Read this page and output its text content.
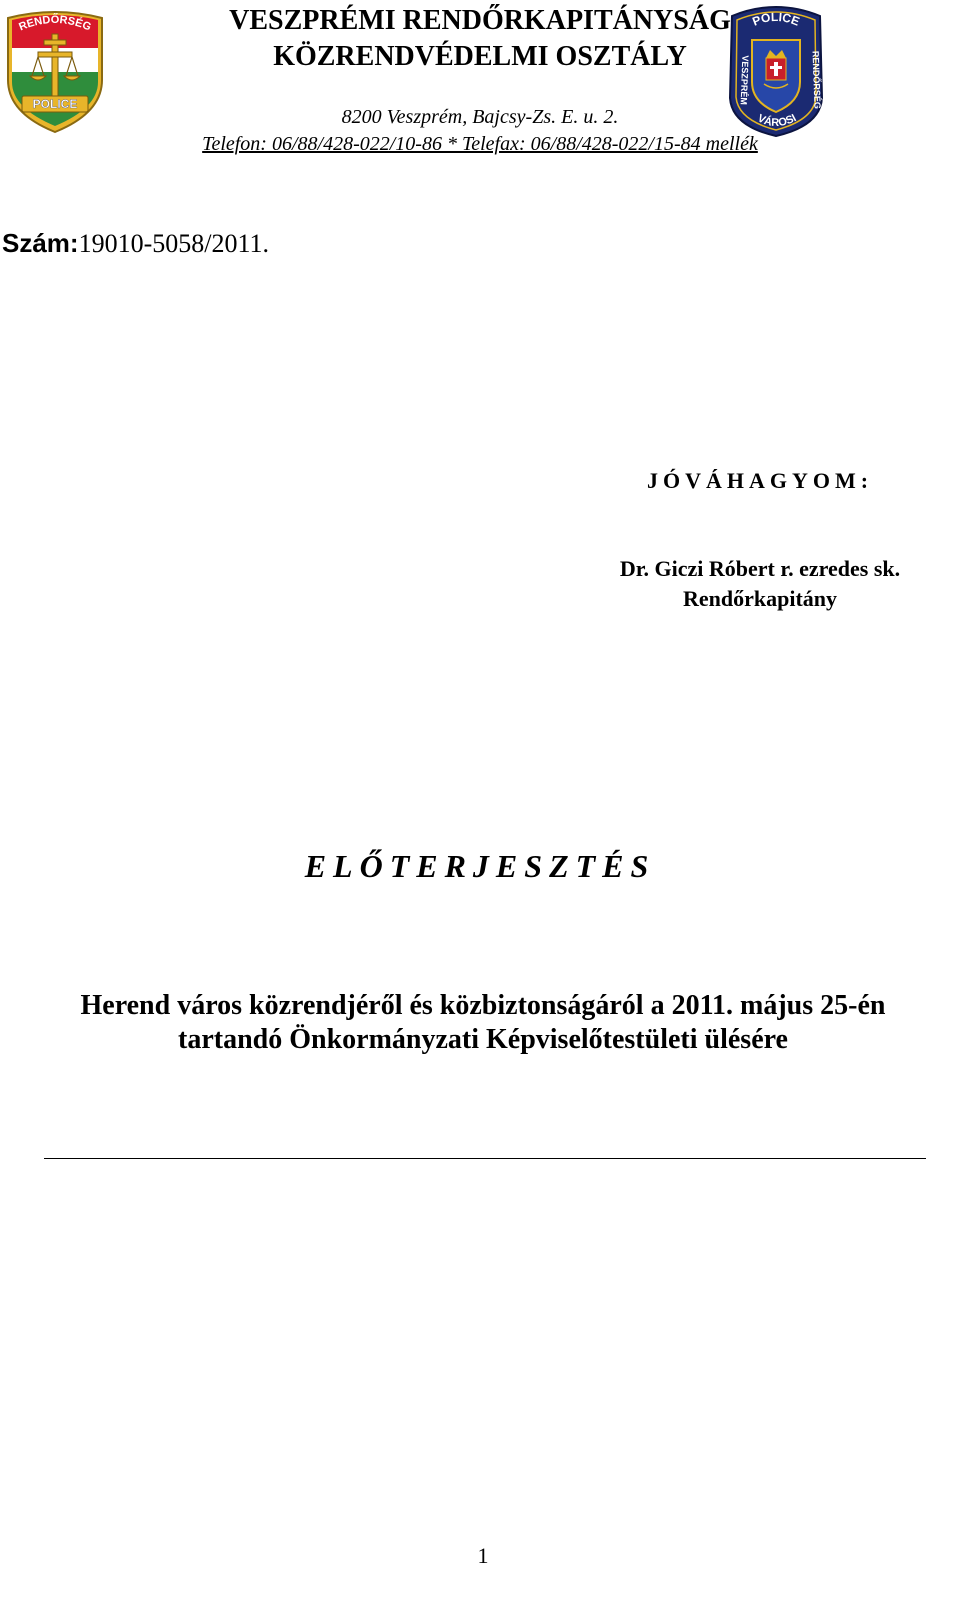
RENDŐRSÉG
POLICE
VESZPRÉMI RENDŐRKAPITÁNYSÁG
KÖZRENDVÉDELMI OSZTÁLY
8200 Veszprém, Bajcsy-Zs. E. u. 2.
Telefon: 06/88/428-022/10-86 * Telefax: 06/88/428-022/15-84 mellék
POLICE
VESZPRÉM
RENDŐRSÉG
VÁROSI
Szám:19010-5058/2011.
JÓVÁHAGYOM:
Dr. Giczi Róbert r. ezredes sk.
Rendőrkapitány
ELŐTERJESZTÉS
Herend város közrendjéről és közbiztonságáról a 2011. május 25-én
tartandó Önkormányzati Képviselőtestületi ülésére
1
